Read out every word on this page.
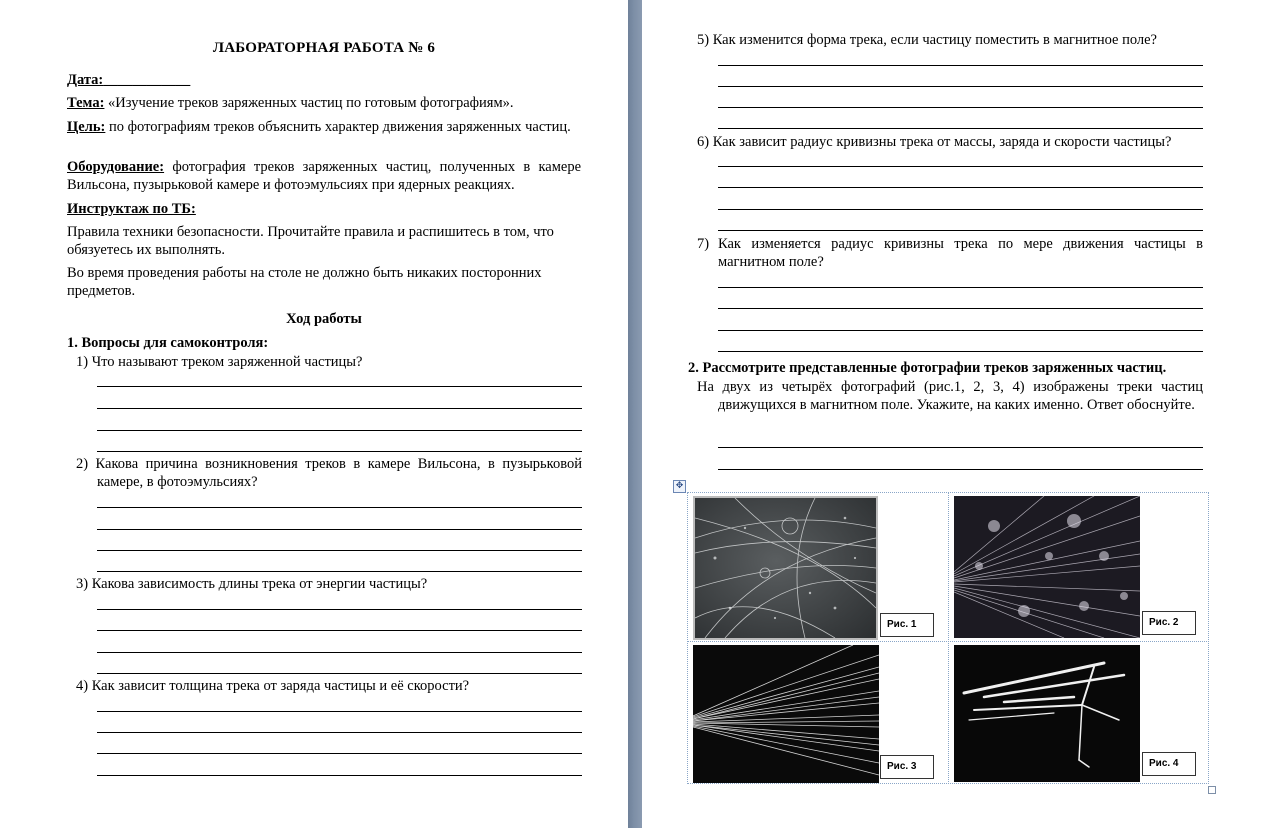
ЛАБОРАТОРНАЯ РАБОТА № 6
Дата:____________
Тема: «Изучение треков заряженных частиц по готовым фотографиям».
Цель: по фотографиям треков объяснить характер движения заряженных частиц.
Оборудование: фотография треков заряженных частиц, полученных в камере Вильсона, пузырьковой камере и фотоэмульсиях при ядерных реакциях.
Инструктаж по ТБ:
Правила техники безопасности. Прочитайте правила и распишитесь в том, что обязуетесь их выполнять.
Во время проведения работы на столе не должно быть никаких посторонних предметов.
Ход работы
1. Вопросы для самоконтроля:
1) Что называют треком заряженной частицы?
2) Какова причина возникновения треков в камере Вильсона, в пузырьковой камере, в фотоэмульсиях?
3) Какова зависимость длины трека от энергии частицы?
4) Как зависит толщина трека от заряда частицы и её скорости?
5) Как изменится форма трека, если частицу поместить в магнитное поле?
6) Как зависит радиус кривизны трека от массы, заряда и скорости частицы?
7) Как изменяется радиус кривизны трека по мере движения частицы в магнитном поле?
2. Рассмотрите представленные фотографии треков заряженных частиц.
На двух из четырёх фотографий (рис.1, 2, 3, 4) изображены треки частиц движущихся в магнитном поле. Укажите, на каких именно. Ответ обоснуйте.
✥
Рис. 1	Рис. 2
Рис. 3	Рис. 4
